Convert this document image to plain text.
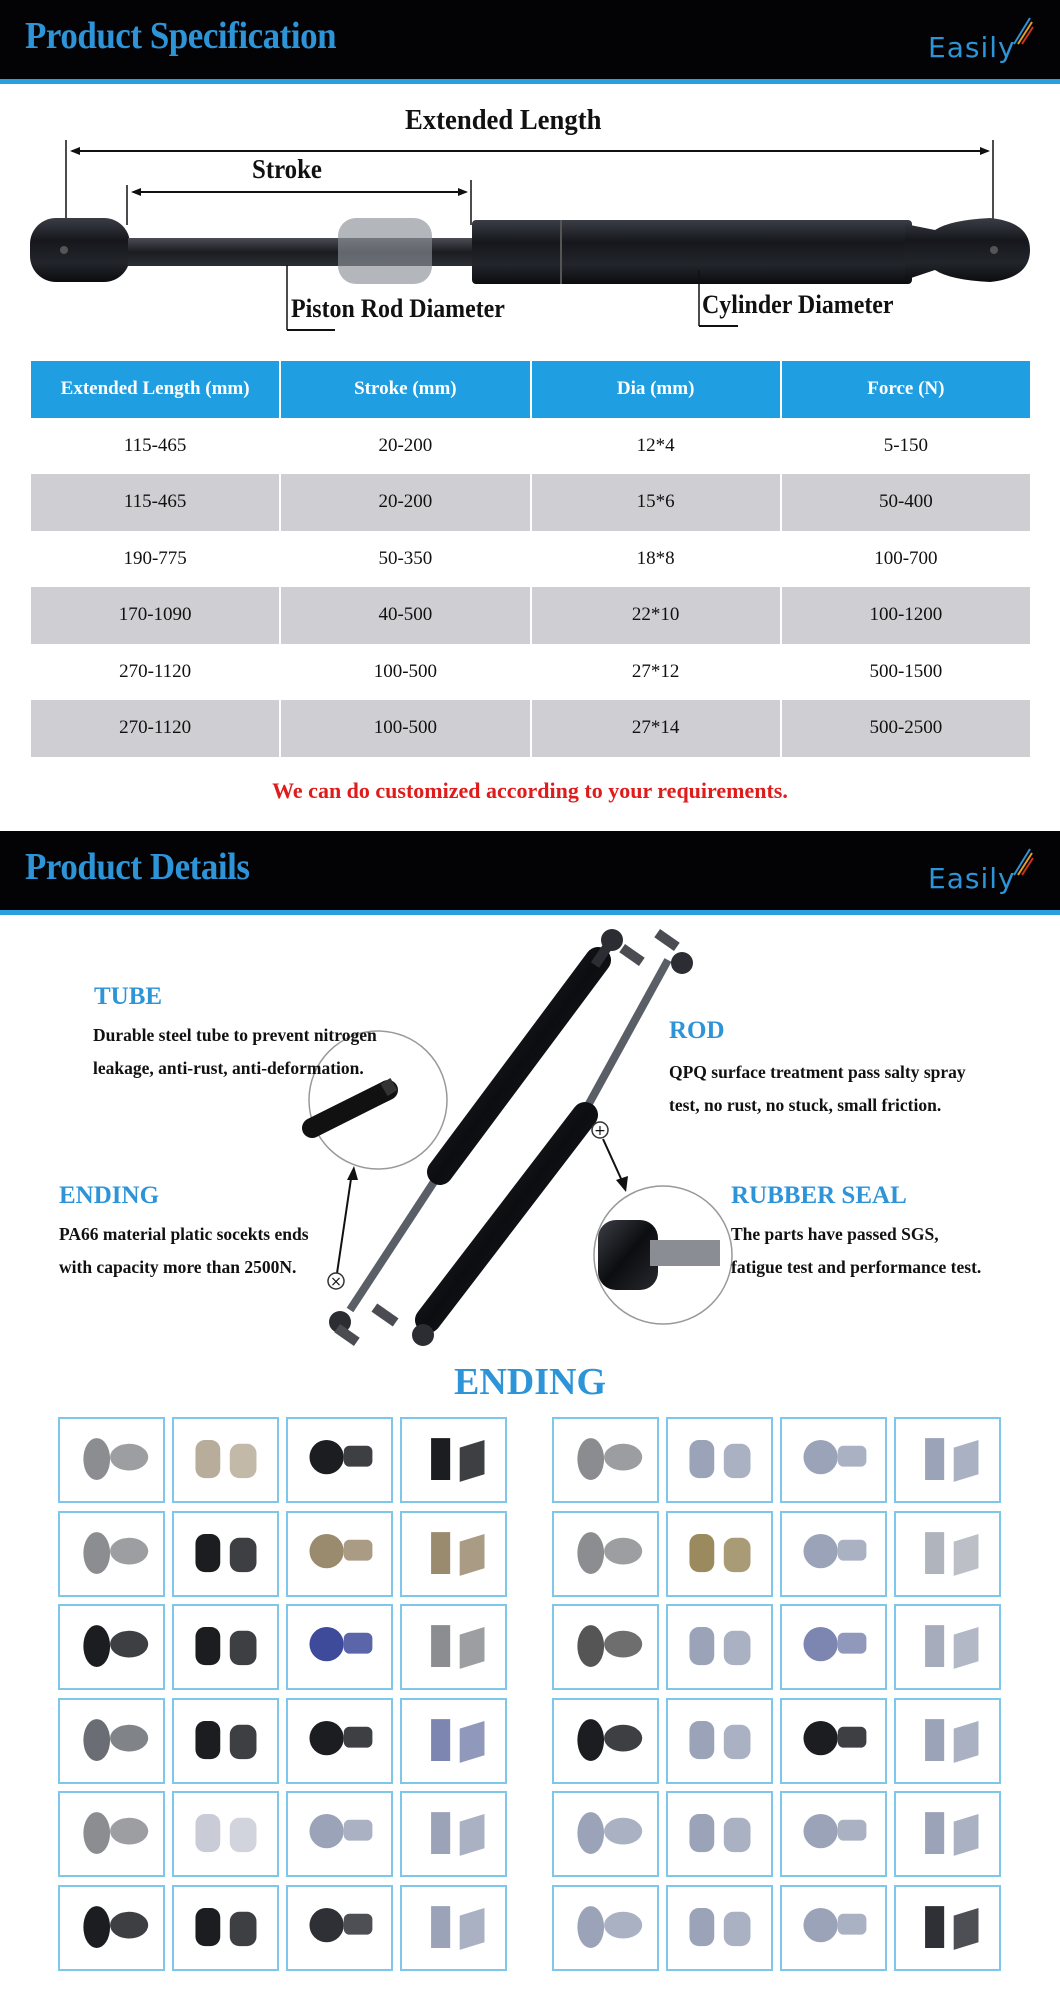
Product Specification	Easily
Extended Length
Stroke
Piston Rod Diameter	Cylinder Diameter
Extended Length (mm)	Stroke (mm)	Dia (mm)	Force (N)
115-465	20-200	12*4	5-150
115-465	20-200	15*6	50-400
190-775	50-350	18*8	100-700
170-1090	40-500	22*10	100-1200
270-1120	100-500	27*12	500-1500
270-1120	100-500	27*14	500-2500
We can do customized according to your requirements.
Product Details	Easily
×
+
TUBE
Durable steel tube to prevent nitrogen
leakage, anti-rust, anti-deformation.
ROD
QPQ surface treatment pass salty spray
test, no rust, no stuck, small friction.
ENDING
PA66 material platic socekts ends
with capacity more than 2500N.
RUBBER SEAL
The parts have passed SGS,
fatigue test and performance test.
ENDING
